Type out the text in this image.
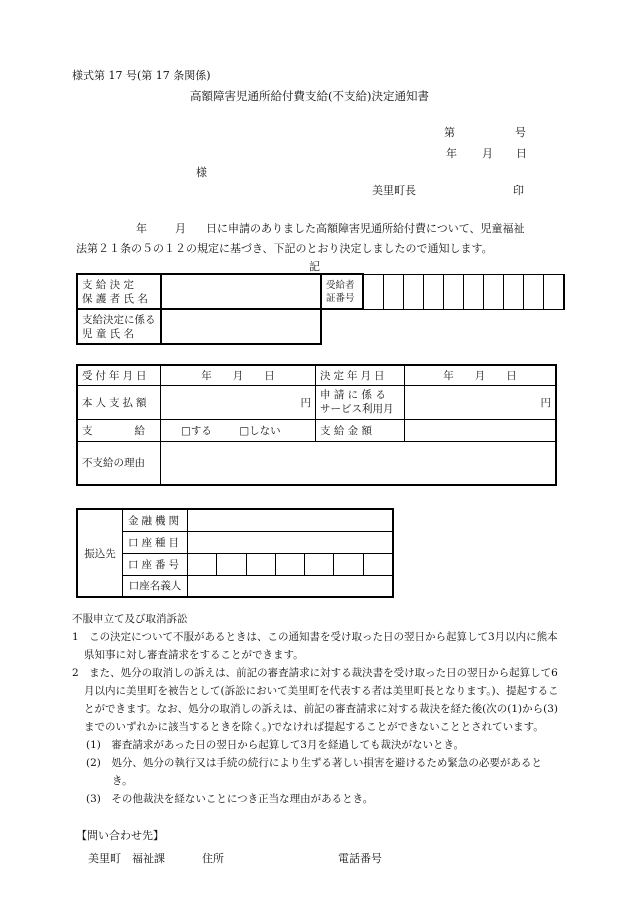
様式第 17 号(第 17 条関係)
高額障害児通所給付費支給(不支給)決定通知書
第	号
年 月 日
様
美里町長	印
年	月 日に申請のありました高額障害児通所給付費について、児童福祉
法第２１条の５の１２の規定に基づき、下記のとおり決定しましたので通知します。
記
支 給 決 定
保 護 者 氏 名		受給者
証番号										
支給決定に係る
児 童 氏 名												
受付年月日	年　　月　　日	決定年月日	年　　月　　日
本人支払額	円	申 請 に 係 る
サービス利用月	円
支　　　　給	□する □しない	支 給 金 額	
不支給の理由			
振込先	金融機関							
	口座種目							
	口座番号							
	口座名義人							
不服申立て及び取消訴訟
1　この決定について不服があるときは、この通知書を受け取った日の翌日から起算して3月以内に熊本県知事に対し審査請求をすることができます。
2　また、処分の取消しの訴えは、前記の審査請求に対する裁決書を受け取った日の翌日から起算して6月以内に美里町を被告として(訴訟において美里町を代表する者は美里町長となります。)、提起することができます。なお、処分の取消しの訴えは、前記の審査請求に対する裁決を経た後(次の(1)から(3)までのいずれかに該当するときを除く。)でなければ提起することができないこととされています。
(1)　審査請求があった日の翌日から起算して3月を経過しても裁決がないとき。
(2)　処分、処分の執行又は手続の続行により生ずる著しい損害を避けるため緊急の必要があるとき。
(3)　その他裁決を経ないことにつき正当な理由があるとき。
【問い合わせ先】
美里町　福祉課	住所	電話番号
